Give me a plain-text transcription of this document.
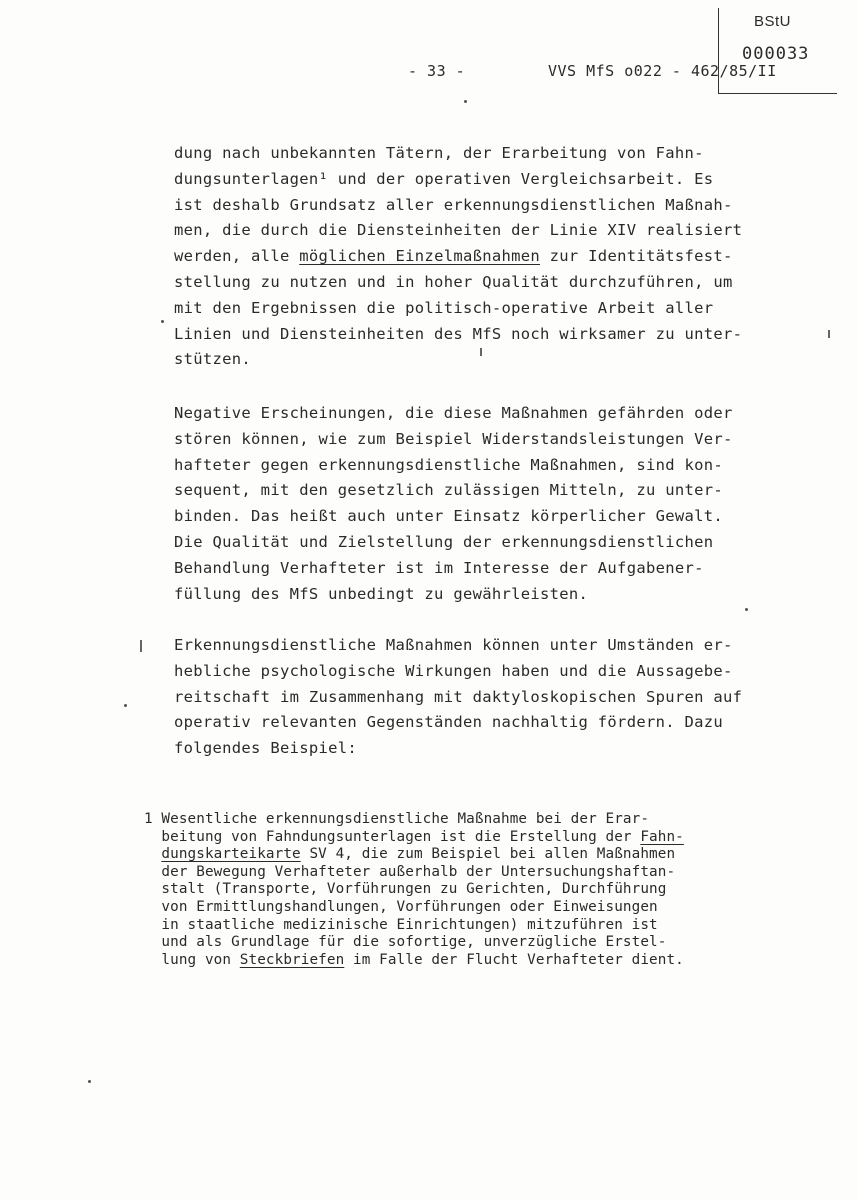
BStU
000033
- 33 -	VVS MfS o022 - 462/85/II
dung nach unbekannten Tätern, der Erarbeitung von Fahn-
dungsunterlagen¹ und der operativen Vergleichsarbeit. Es
ist deshalb Grundsatz aller erkennungsdienstlichen Maßnah-
men, die durch die Diensteinheiten der Linie XIV realisiert
werden, alle möglichen Einzelmaßnahmen zur Identitätsfest-
stellung zu nutzen und in hoher Qualität durchzuführen, um
mit den Ergebnissen die politisch-operative Arbeit aller
Linien und Diensteinheiten des MfS noch wirksamer zu unter-
stützen.
Negative Erscheinungen, die diese Maßnahmen gefährden oder
stören können, wie zum Beispiel Widerstandsleistungen Ver-
hafteter gegen erkennungsdienstliche Maßnahmen, sind kon-
sequent, mit den gesetzlich zulässigen Mitteln, zu unter-
binden. Das heißt auch unter Einsatz körperlicher Gewalt.
Die Qualität und Zielstellung der erkennungsdienstlichen
Behandlung Verhafteter ist im Interesse der Aufgabener-
füllung des MfS unbedingt zu gewährleisten.
Erkennungsdienstliche Maßnahmen können unter Umständen er-
hebliche psychologische Wirkungen haben und die Aussagebe-
reitschaft im Zusammenhang mit daktyloskopischen Spuren auf
operativ relevanten Gegenständen nachhaltig fördern. Dazu
folgendes Beispiel:
1 Wesentliche erkennungsdienstliche Maßnahme bei der Erar-
beitung von Fahndungsunterlagen ist die Erstellung der Fahn-
dungskarteikarte SV 4, die zum Beispiel bei allen Maßnahmen
der Bewegung Verhafteter außerhalb der Untersuchungshaftan-
stalt (Transporte, Vorführungen zu Gerichten, Durchführung
von Ermittlungshandlungen, Vorführungen oder Einweisungen
in staatliche medizinische Einrichtungen) mitzuführen ist
und als Grundlage für die sofortige, unverzügliche Erstel-
lung von Steckbriefen im Falle der Flucht Verhafteter dient.
